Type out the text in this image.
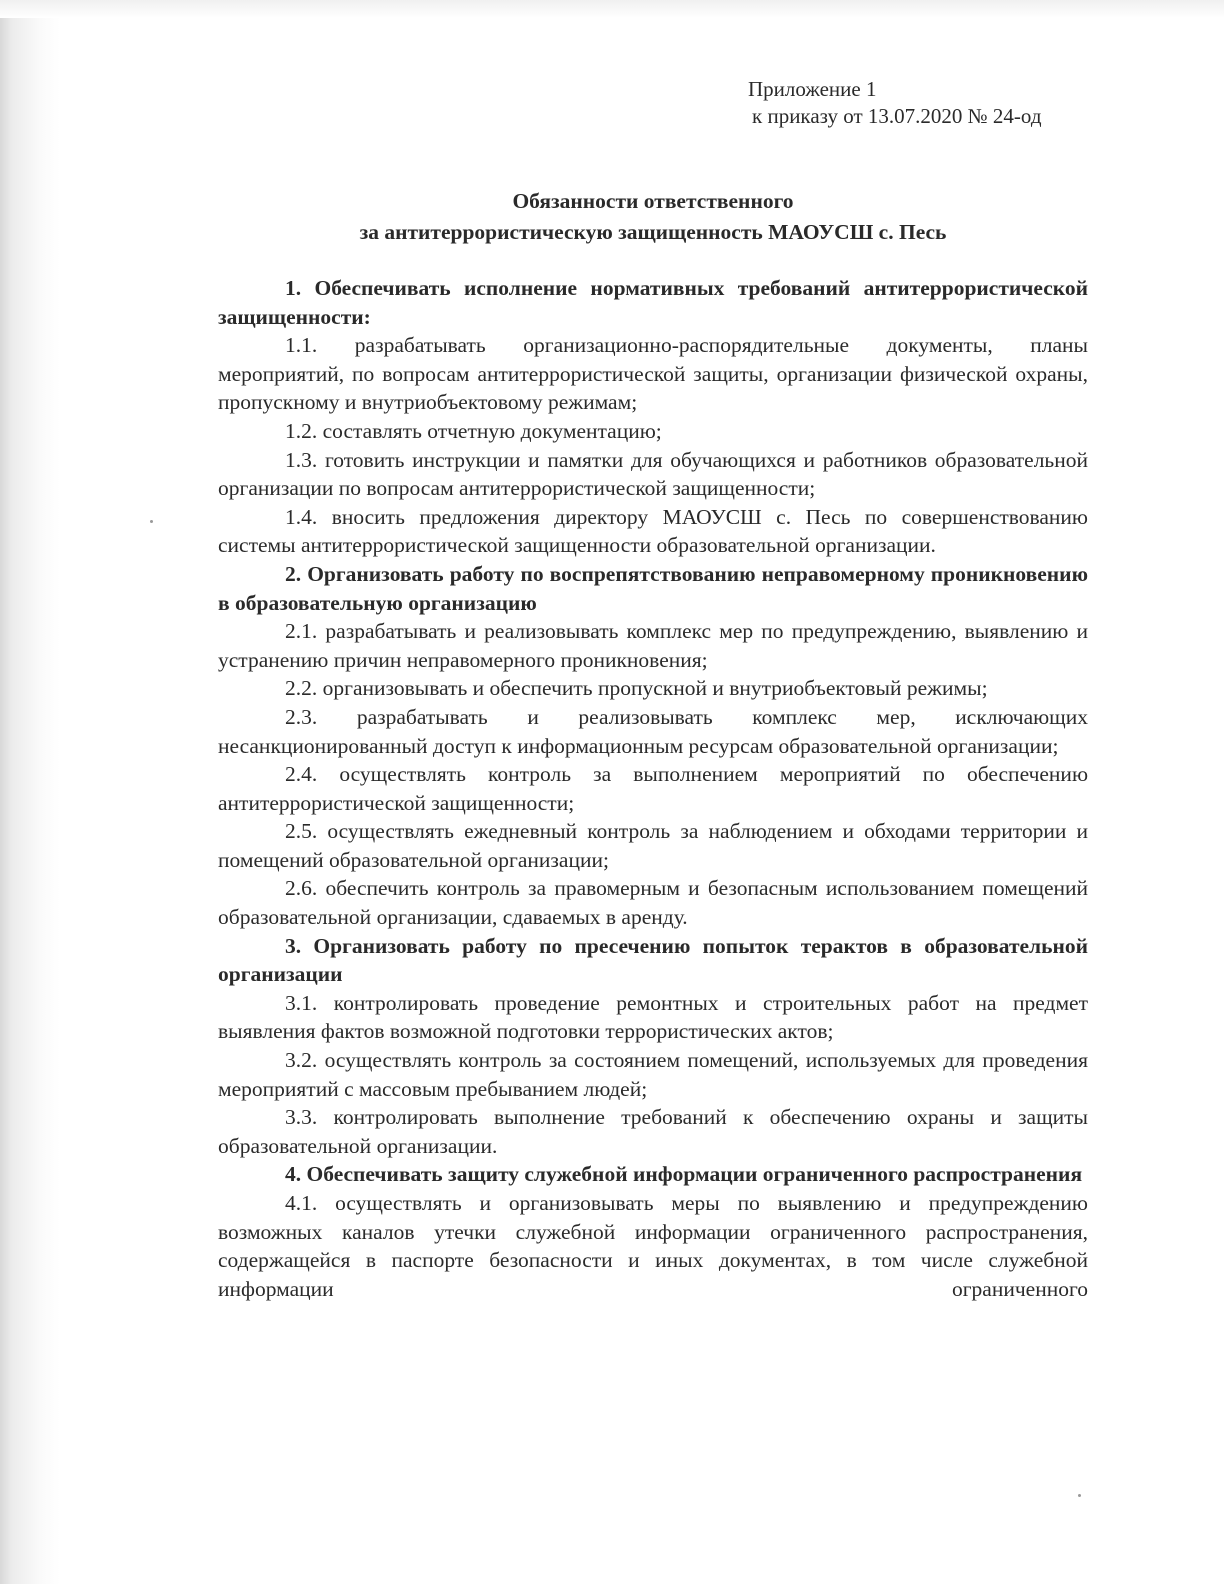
Приложение 1
к приказу от 13.07.2020 № 24-од
Обязанности ответственного
за антитеррористическую защищенность МАОУСШ с. Песь

1. Обеспечивать исполнение нормативных требований антитеррористической защищенности:

1.1. разрабатывать организационно-распорядительные документы, планы мероприятий, по вопросам антитеррористической защиты, организации физической охраны, пропускному и внутриобъектовому режимам;

1.2. составлять отчетную документацию;

1.3. готовить инструкции и памятки для обучающихся и работников образовательной организации по вопросам антитеррористической защищенности;

1.4. вносить предложения директору МАОУСШ с. Песь по совершенствованию системы антитеррористической защищенности образовательной организации.

2. Организовать работу по воспрепятствованию неправомерному проникновению в образовательную организацию

2.1. разрабатывать и реализовывать комплекс мер по предупреждению, выявлению и устранению причин неправомерного проникновения;

2.2. организовывать и обеспечить пропускной и внутриобъектовый режимы;

2.3. разрабатывать и реализовывать комплекс мер, исключающих несанкционированный доступ к информационным ресурсам образовательной организации;

2.4. осуществлять контроль за выполнением мероприятий по обеспечению антитеррористической защищенности;

2.5. осуществлять ежедневный контроль за наблюдением и обходами территории и помещений образовательной организации;

2.6. обеспечить контроль за правомерным и безопасным использованием помещений образовательной организации, сдаваемых в аренду.

3. Организовать работу по пресечению попыток терактов в образовательной организации

3.1. контролировать проведение ремонтных и строительных работ на предмет выявления фактов возможной подготовки террористических актов;

3.2. осуществлять контроль за состоянием помещений, используемых для проведения мероприятий с массовым пребыванием людей;

3.3. контролировать выполнение требований к обеспечению охраны и защиты образовательной организации.

4. Обеспечивать защиту служебной информации ограниченного распространения

4.1. осуществлять и организовывать меры по выявлению и предупреждению возможных каналов утечки служебной информации ограниченного распространения, содержащейся в паспорте безопасности и иных документах, в том числе служебной информации ограниченного
